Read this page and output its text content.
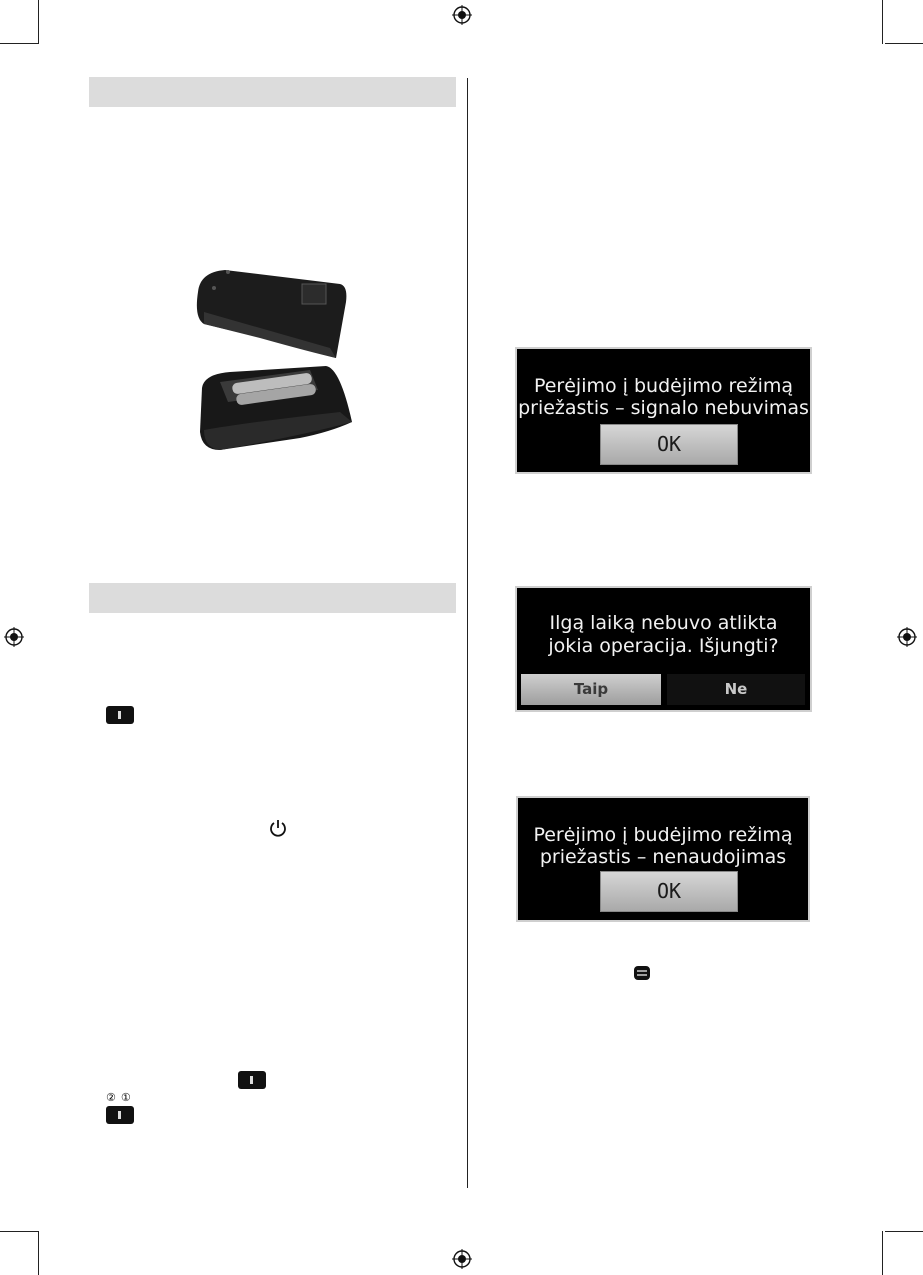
② ①
Perėjimo į budėjimo režimą
priežastis – signalo nebuvimas
OK
Ilgą laiką nebuvo atlikta
jokia operacija. Išjungti?
Taip	Ne
Perėjimo į budėjimo režimą
priežastis – nenaudojimas
OK
